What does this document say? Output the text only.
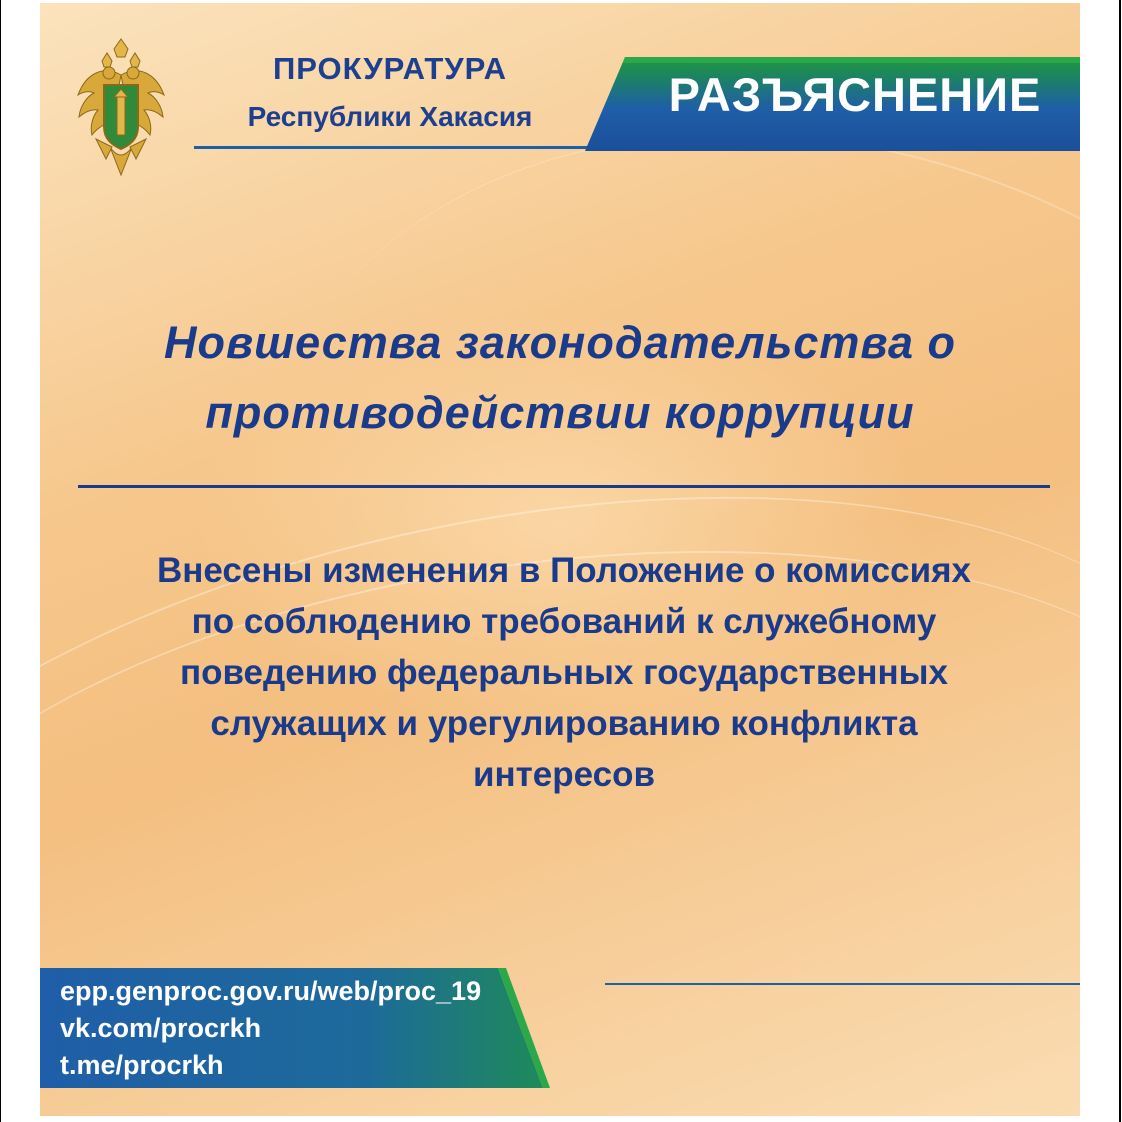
ПРОКУРАТУРА
Республики Хакасия	РАЗЪЯСНЕНИЕ
Новшества законодательства о
противодействии коррупции
Внесены изменения в Положение о комиссиях
по соблюдению требований к служебному
поведению федеральных государственных
служащих и урегулированию конфликта
интересов
epp.genproc.gov.ru/web/proc_19
vk.com/procrkh
t.me/procrkh
